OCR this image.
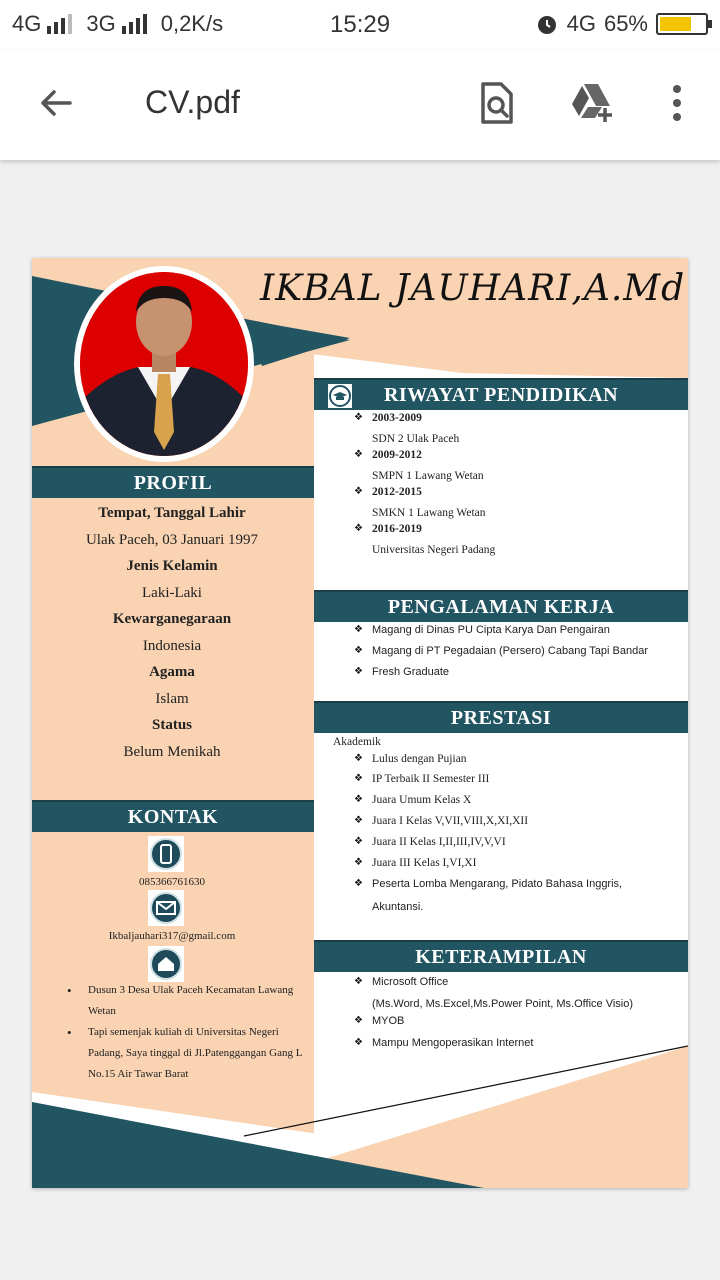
4G 3G 0,2K/s	15:29	4G 65%
CV.pdf
IKBAL JAUHARI,A.Md
PROFIL
Tempat, Tanggal Lahir
Ulak Paceh, 03 Januari 1997
Jenis Kelamin
Laki-Laki
Kewarganegaraan
Indonesia
Agama
Islam
Status
Belum Menikah
KONTAK
085366761630
Ikbaljauhari317@gmail.com
• Dusun 3 Desa Ulak Paceh Kecamatan Lawang Wetan
• Tapi semenjak kuliah di Universitas Negeri Padang, Saya tinggal di Jl.Patenggangan Gang L No.15 Air Tawar Barat
RIWAYAT PENDIDIKAN
❖ 2003-2009
SDN 2 Ulak Paceh
❖ 2009-2012
SMPN 1 Lawang Wetan
❖ 2012-2015
SMKN 1 Lawang Wetan
❖ 2016-2019
Universitas Negeri Padang
PENGALAMAN KERJA
❖ Magang di Dinas PU Cipta Karya Dan Pengairan
❖ Magang di PT Pegadaian (Persero) Cabang Tapi Bandar
❖ Fresh Graduate
PRESTASI
Akademik
❖ Lulus dengan Pujian
❖ IP Terbaik II Semester III
❖ Juara Umum Kelas X
❖ Juara I Kelas V,VII,VIII,X,XI,XII
❖ Juara II Kelas I,II,III,IV,V,VI
❖ Juara III Kelas I,VI,XI
❖ Peserta Lomba Mengarang, Pidato Bahasa Inggris,
Akuntansi.
KETERAMPILAN
❖ Microsoft Office
(Ms.Word, Ms.Excel,Ms.Power Point, Ms.Office Visio)
❖ MYOB
❖ Mampu Mengoperasikan Internet
